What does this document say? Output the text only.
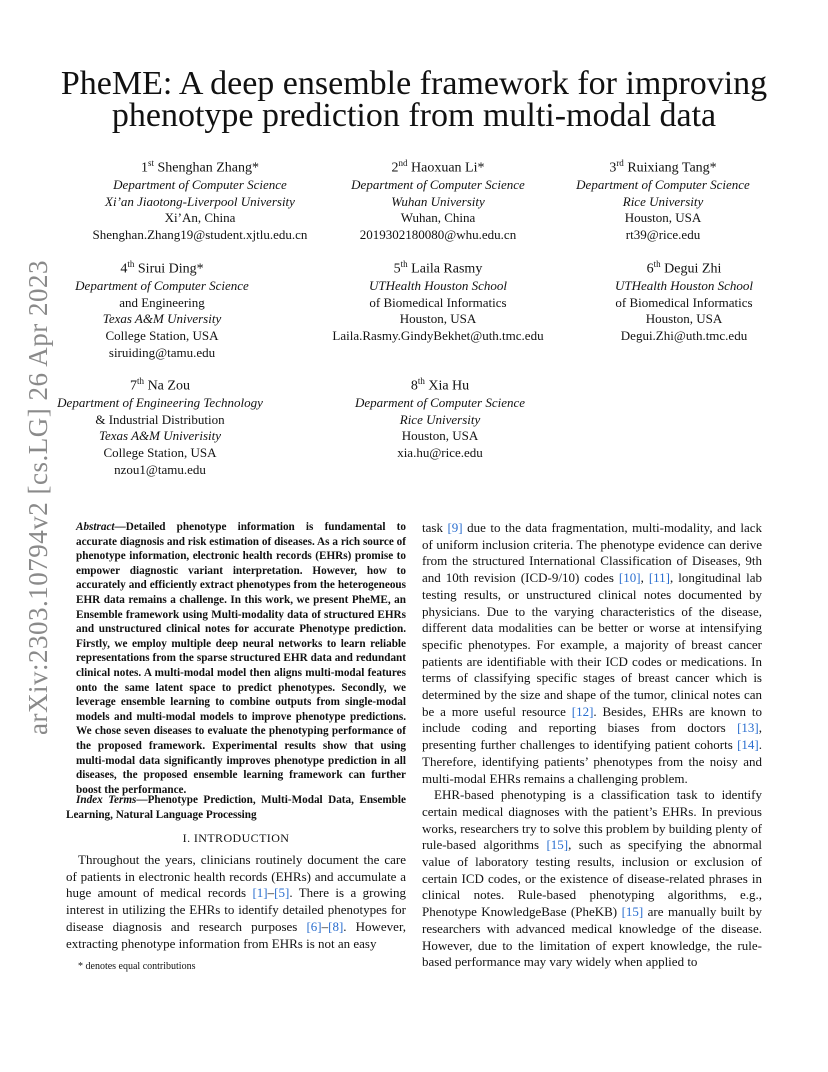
arXiv:2303.10794v2 [cs.LG] 26 Apr 2023
PheME: A deep ensemble framework for improving
phenotype prediction from multi-modal data
1st Shenghan Zhang*
Department of Computer Science
Xi’an Jiaotong-Liverpool University
Xi’An, China
Shenghan.Zhang19@student.xjtlu.edu.cn
2nd Haoxuan Li*
Department of Computer Science
Wuhan University
Wuhan, China
2019302180080@whu.edu.cn
3rd Ruixiang Tang*
Department of Computer Science
Rice University
Houston, USA
rt39@rice.edu
4th Sirui Ding*
Department of Computer Science
and Engineering
Texas A&M University
College Station, USA
siruiding@tamu.edu
5th Laila Rasmy
UTHealth Houston School
of Biomedical Informatics
Houston, USA
Laila.Rasmy.GindyBekhet@uth.tmc.edu
6th Degui Zhi
UTHealth Houston School
of Biomedical Informatics
Houston, USA
Degui.Zhi@uth.tmc.edu
7th Na Zou
Department of Engineering Technology
& Industrial Distribution
Texas A&M Univerisity
College Station, USA
nzou1@tamu.edu
8th Xia Hu
Deparment of Computer Science
Rice University
Houston, USA
xia.hu@rice.edu

Abstract—Detailed phenotype information is fundamental to accurate diagnosis and risk estimation of diseases. As a rich source of phenotype information, electronic health records (EHRs) promise to empower diagnostic variant interpretation. However, how to accurately and efficiently extract phenotypes from the heterogeneous EHR data remains a challenge. In this work, we present PheME, an Ensemble framework using Multi-modality data of structured EHRs and unstructured clinical notes for accurate Phenotype prediction. Firstly, we employ multiple deep neural networks to learn reliable representations from the sparse structured EHR data and redundant clinical notes. A multi-modal model then aligns multi-modal features onto the same latent space to predict phenotypes. Secondly, we leverage ensemble learning to combine outputs from single-modal models and multi-modal models to improve phenotype predictions. We chose seven diseases to evaluate the phenotyping performance of the proposed framework. Experimental results show that using multi-modal data significantly improves phenotype prediction in all diseases, the proposed ensemble learning framework can further boost the performance.

Index Terms—Phenotype Prediction, Multi-Modal Data, Ensemble Learning, Natural Language Processing

I. INTRODUCTION

Throughout the years, clinicians routinely document the care of patients in electronic health records (EHRs) and accumulate a huge amount of medical records [1]–[5]. There is a growing interest in utilizing the EHRs to identify detailed phenotypes for disease diagnosis and research purposes [6]–[8]. However, extracting phenotype information from EHRs is not an easy

* denotes equal contributions

task [9] due to the data fragmentation, multi-modality, and lack of uniform inclusion criteria. The phenotype evidence can derive from the structured International Classification of Diseases, 9th and 10th revision (ICD-9/10) codes [10], [11], longitudinal lab testing results, or unstructured clinical notes documented by physicians. Due to the varying characteristics of the disease, different data modalities can be better or worse at intensifying specific phenotypes. For example, a majority of breast cancer patients are identifiable with their ICD codes or medications. In terms of classifying specific stages of breast cancer which is determined by the size and shape of the tumor, clinical notes can be a more useful resource [12]. Besides, EHRs are known to include coding and reporting biases from doctors [13], presenting further challenges to identifying patient cohorts [14]. Therefore, identifying patients’ phenotypes from the noisy and multi-modal EHRs remains a challenging problem.

EHR-based phenotyping is a classification task to identify certain medical diagnoses with the patient’s EHRs. In previous works, researchers try to solve this problem by building plenty of rule-based algorithms [15], such as specifying the abnormal value of laboratory testing results, inclusion or exclusion of certain ICD codes, or the existence of disease-related phrases in clinical notes. Rule-based phenotyping algorithms, e.g., Phenotype KnowledgeBase (PheKB) [15] are manually built by researchers with advanced medical knowledge of the disease. However, due to the limitation of expert knowledge, the rule-based performance may vary widely when applied to
